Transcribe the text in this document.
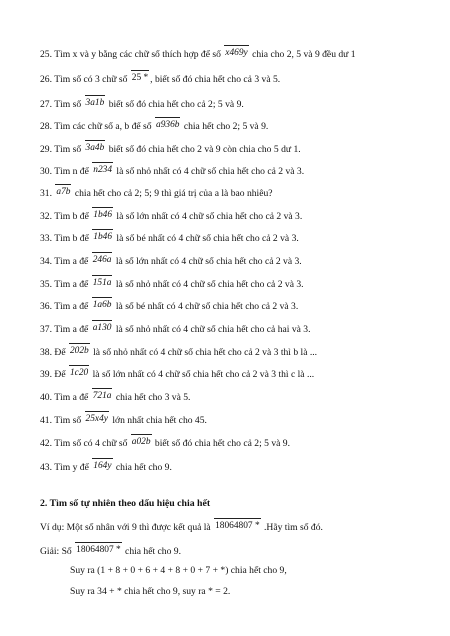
25. Tìm x và y bằng các chữ số thích hợp để số x469y chia cho 2, 5 và 9 đều dư 1
26. Tìm số có 3 chữ số 25 * , biết số đó chia hết cho cả 3 và 5.
27. Tìm số 3a1b biết số đó chia hết cho cả 2; 5 và 9.
28. Tìm các chữ số a, b để số a936b chia hết cho 2; 5 và 9.
29. Tìm số 3a4b biết số đó chia hết cho 2 và 9 còn chia cho 5 dư 1.
30. Tìm n để n234 là số nhỏ nhất có 4 chữ số chia hết cho cả 2 và 3.
31. a7b chia hết cho cả 2; 5; 9 thì giá trị của a là bao nhiêu?
32. Tìm b để 1b46 là số lớn nhất có 4 chữ số chia hết cho cả 2 và 3.
33. Tìm b để 1b46 là số bé nhất có 4 chữ số chia hết cho cả 2 và 3.
34. Tìm a để 246a là số lớn nhất có 4 chữ số chia hết cho cả 2 và 3.
35. Tìm a để 151a là số nhỏ nhất có 4 chữ số chia hết cho cả 2 và 3.
36. Tìm a để 1a6b là số bé nhất có 4 chữ số chia hết cho cả 2 và 3.
37. Tìm a để a130 là số nhỏ nhất có 4 chữ số chia hết cho cả hai và 3.
38. Để 202b là số nhỏ nhất có 4 chữ số chia hết cho cả 2 và 3 thì b là ...
39. Để 1c20 là số lớn nhất có 4 chữ số chia hết cho cả 2 và 3 thì c là ...
40. Tìm a để 721a chia hết cho 3 và 5.
41. Tìm số 25x4y lớn nhất chia hết cho 45.
42. Tìm số có 4 chữ số a02b biết số đó chia hết cho cả 2; 5 và 9.
43. Tìm y để 164y chia hết cho 9.
2. Tìm số tự nhiên theo dấu hiệu chia hết
Ví dụ: Một số nhân với 9 thì được kết quả là 18064807 * .Hãy tìm số đó.
Giải: Số 18064807 * chia hết cho 9.
Suy ra (1 + 8 + 0 + 6 + 4 + 8 + 0 + 7 + *) chia hết cho 9,
Suy ra 34 + * chia hết cho 9, suy ra * = 2.
